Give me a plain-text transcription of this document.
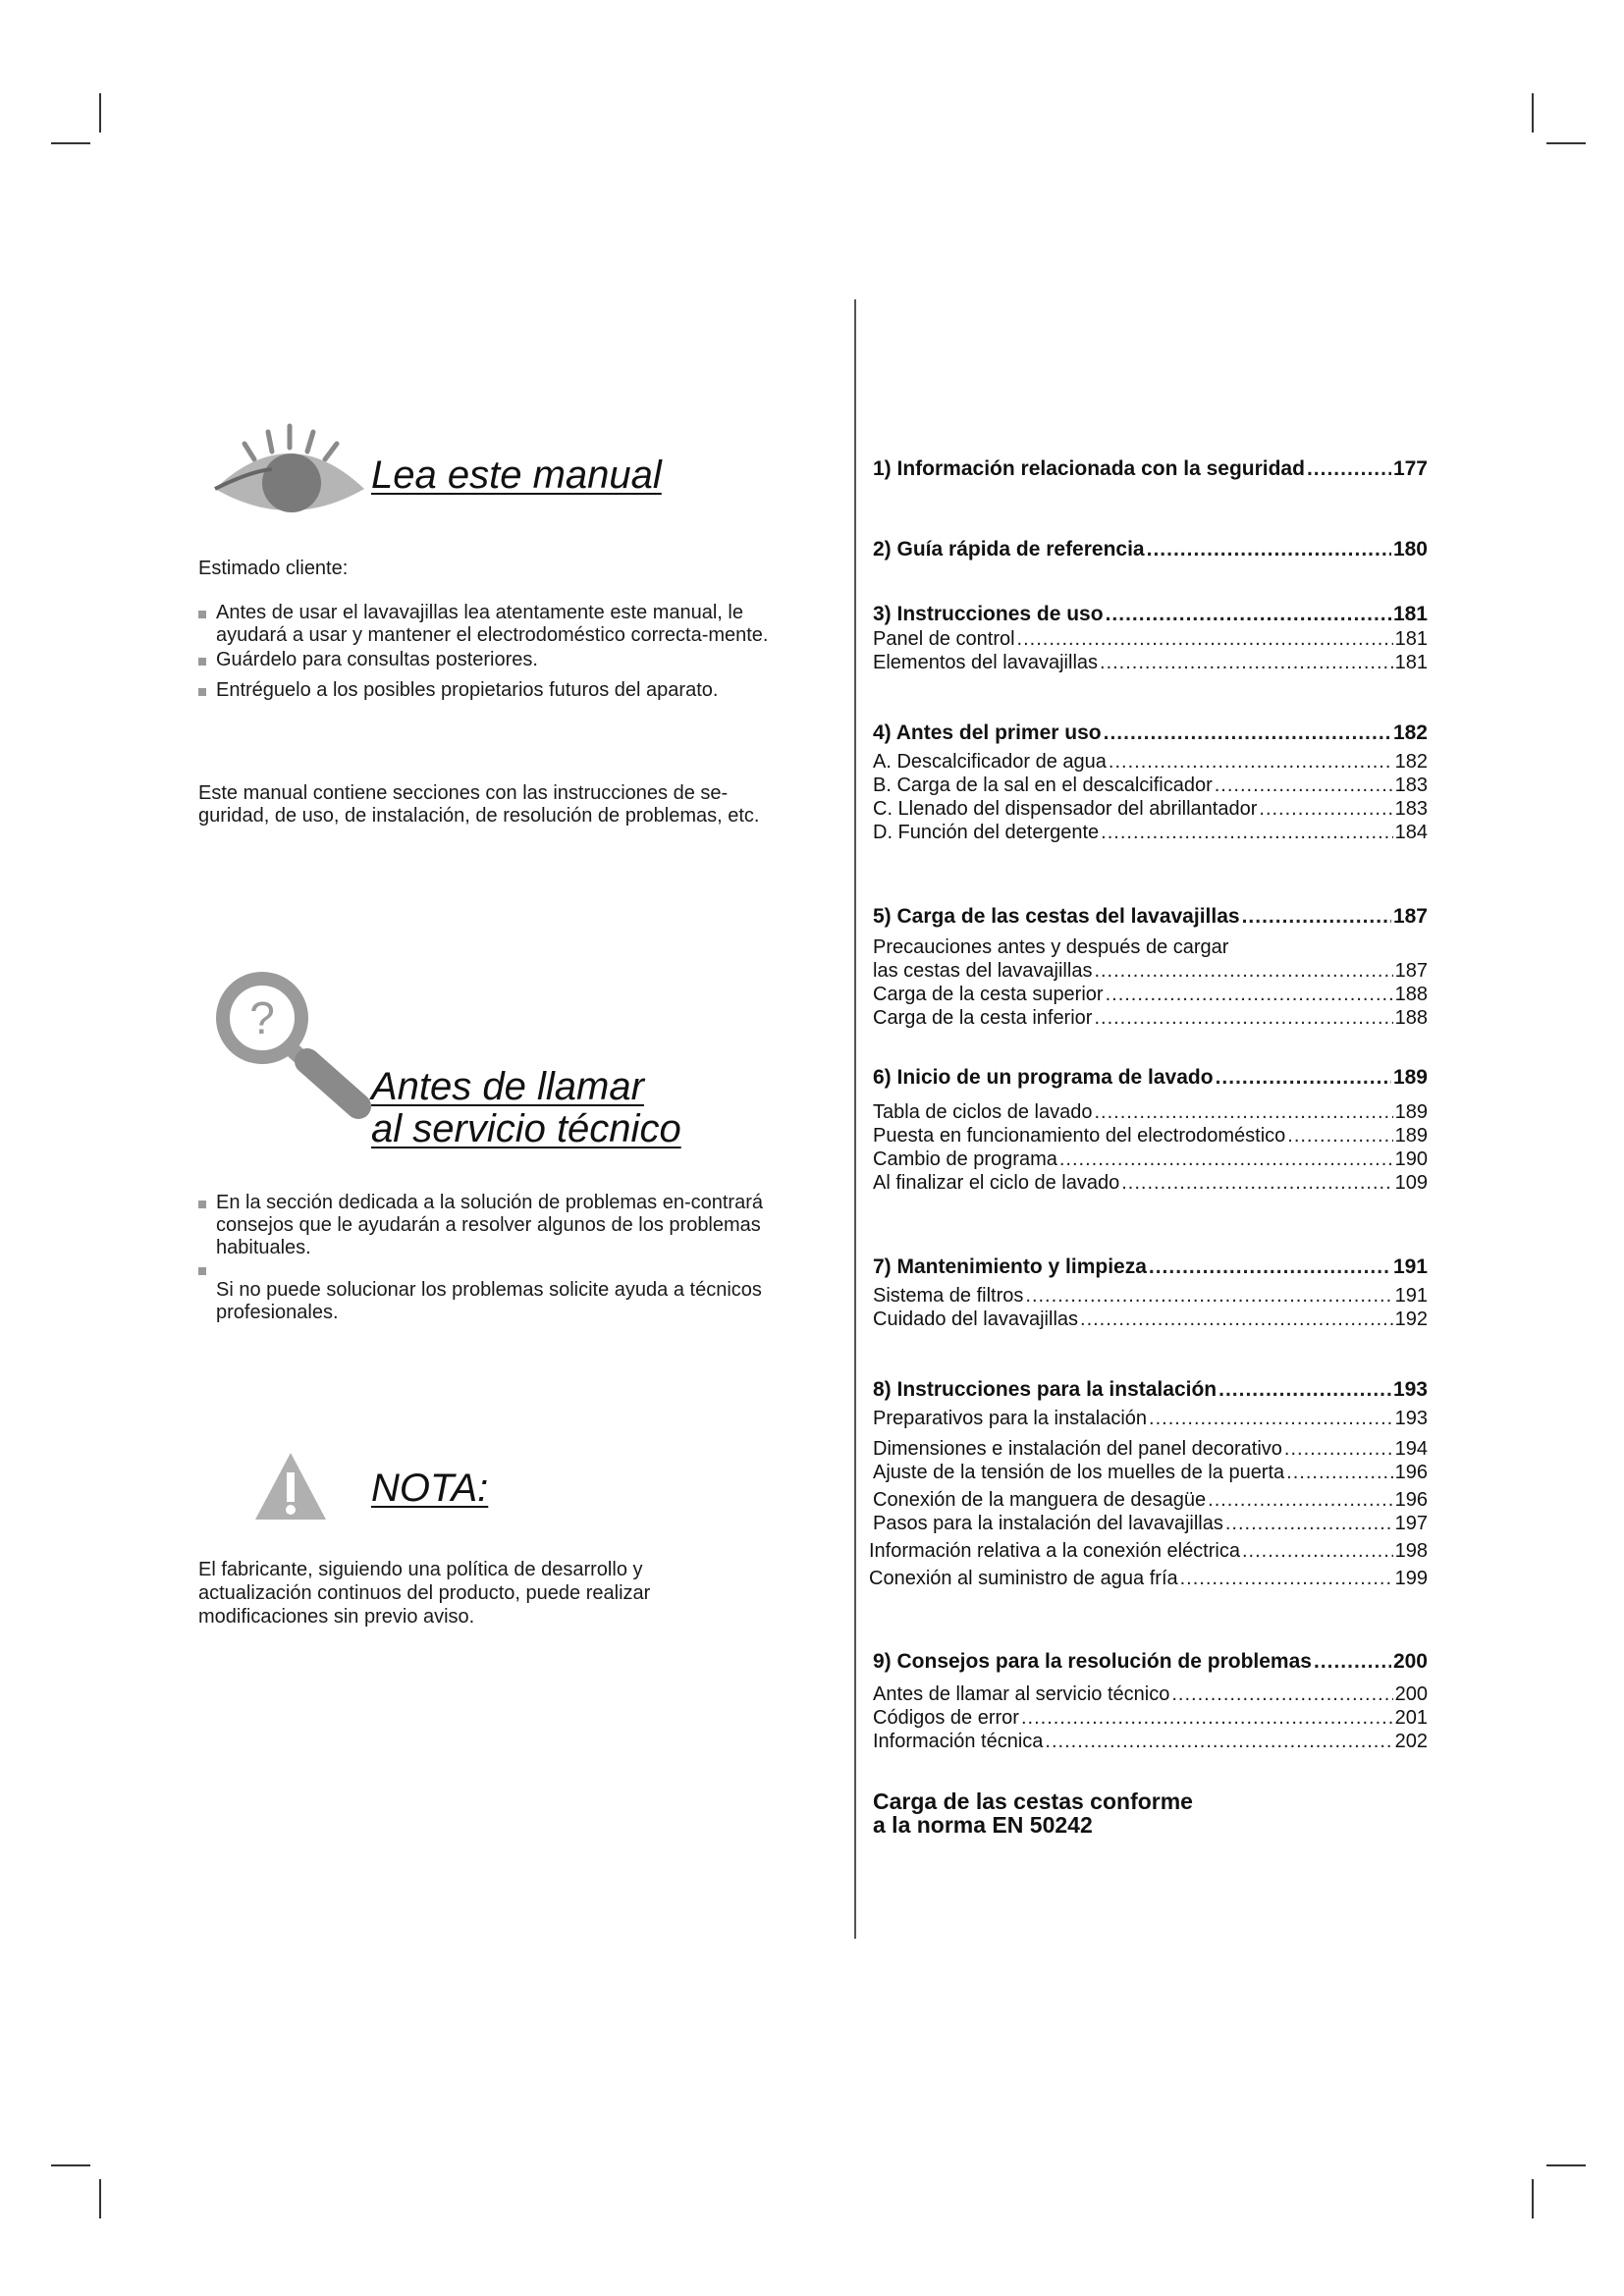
Lea este manual
Estimado cliente:
Antes de usar el lavavajillas lea atentamente este manual, le ayudará a usar y mantener el electrodoméstico correcta-mente.
Guárdelo para consultas posteriores.
Entréguelo a los posibles propietarios futuros del aparato.
Este manual contiene secciones con las instrucciones de se-guridad, de uso, de instalación, de resolución de problemas, etc.
?
Antes de llamar
al servicio técnico
En la sección dedicada a la solución de problemas en-contrará consejos que le ayudarán a resolver algunos de los problemas habituales.
Si no puede solucionar los problemas solicite ayuda a técnicos profesionales.
NOTA:
El fabricante, siguiendo una política de desarrollo y actualización continuos del producto, puede realizar modificaciones sin previo aviso.
1) Información relacionada con la seguridad .....	177
2) Guía rápida de referencia .....	180
3) Instrucciones de uso .....	181
Panel de control .....	181
Elementos del lavavajillas .....	181
4) Antes del primer uso .....	182
A. Descalcificador de agua .....	182
B. Carga de la sal en el descalcificador .....	183
C. Llenado del dispensador del abrillantador .....	183
D. Función del detergente .....	184
5) Carga de las cestas del lavavajillas .....	187
Precauciones antes y después de cargar
las cestas del lavavajillas .....	187
Carga de la cesta superior .....	188
Carga de la cesta inferior .....	188
6) Inicio de un programa de lavado .....	189
Tabla de ciclos de lavado .....	189
Puesta en funcionamiento del electrodoméstico .....	189
Cambio de programa .....	190
Al finalizar el ciclo de lavado .....	109
7) Mantenimiento y limpieza .....	191
Sistema de filtros .....	191
Cuidado del lavavajillas .....	192
8) Instrucciones para la instalación .....	193
Preparativos para la instalación .....	193
Dimensiones e instalación del panel decorativo .....	194
Ajuste de la tensión de los muelles de la puerta .....	196
Conexión de la manguera de desagüe .....	196
Pasos para la instalación del lavavajillas .....	197
Información relativa a la conexión eléctrica .....	198
Conexión al suministro de agua fría .....	199
9) Consejos para la resolución de problemas .....	200
Antes de llamar al servicio técnico .....	200
Códigos de error .....	201
Información técnica .....	202
Carga de las cestas conforme
a la norma EN 50242
